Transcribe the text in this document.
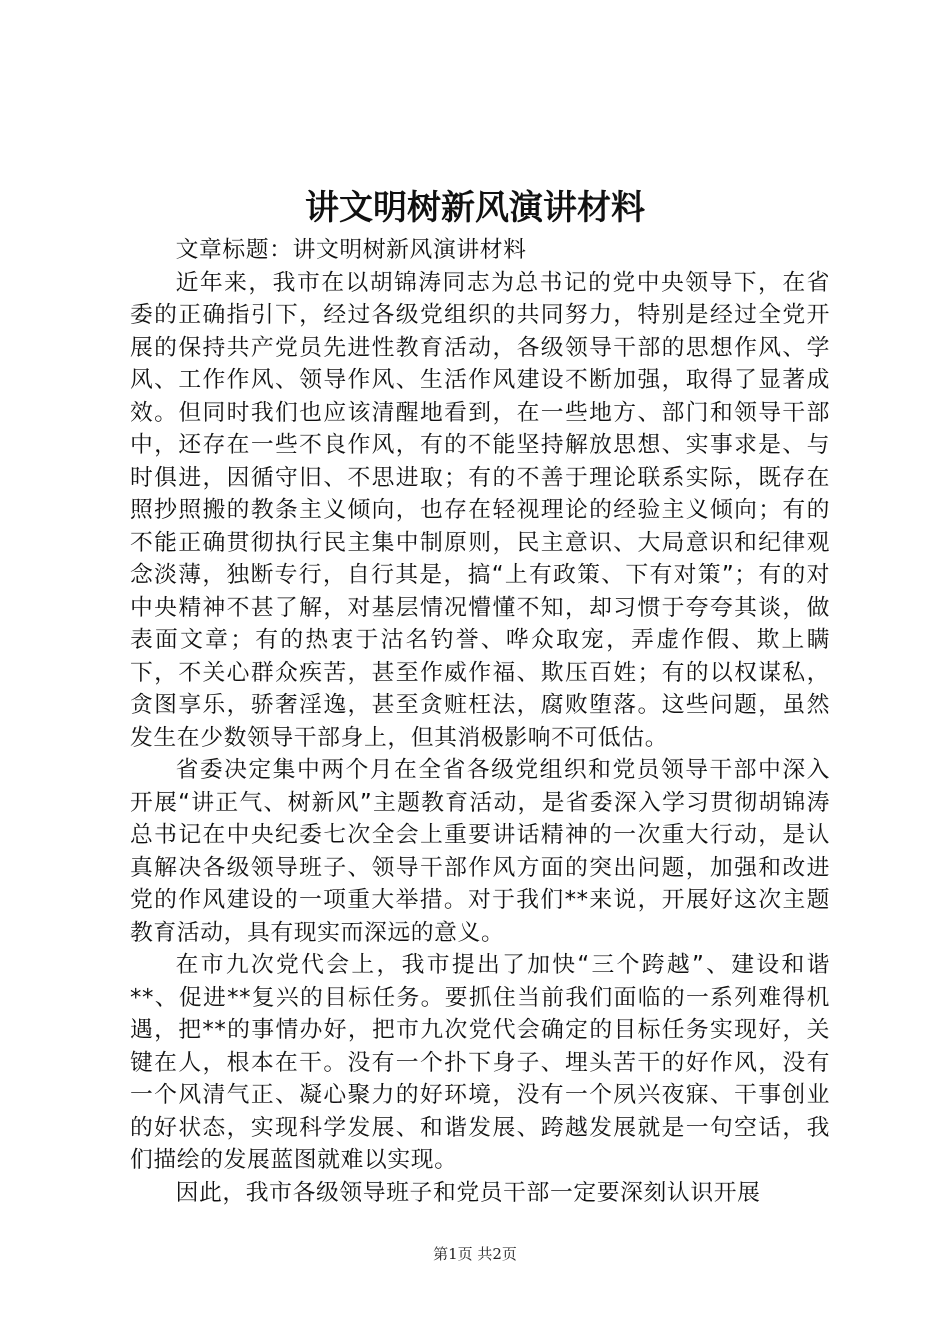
讲文明树新风演讲材料

文章标题：讲文明树新风演讲材料

近年来，我市在以胡锦涛同志为总书记的党中央领导下，在省委的正确指引下，经过各级党组织的共同努力，特别是经过全党开展的保持共产党员先进性教育活动，各级领导干部的思想作风、学风、工作作风、领导作风、生活作风建设不断加强，取得了显著成效。但同时我们也应该清醒地看到，在一些地方、部门和领导干部中，还存在一些不良作风，有的不能坚持解放思想、实事求是、与时俱进，因循守旧、不思进取；有的不善于理论联系实际，既存在照抄照搬的教条主义倾向，也存在轻视理论的经验主义倾向；有的不能正确贯彻执行民主集中制原则，民主意识、大局意识和纪律观念淡薄，独断专行，自行其是，搞“上有政策、下有对策”；有的对中央精神不甚了解，对基层情况懵懂不知，却习惯于夸夸其谈，做表面文章；有的热衷于沽名钓誉、哗众取宠，弄虚作假、欺上瞒下，不关心群众疾苦，甚至作威作福、欺压百姓；有的以权谋私，贪图享乐，骄奢淫逸，甚至贪赃枉法，腐败堕落。这些问题，虽然发生在少数领导干部身上，但其消极影响不可低估。

省委决定集中两个月在全省各级党组织和党员领导干部中深入开展“讲正气、树新风”主题教育活动，是省委深入学习贯彻胡锦涛总书记在中央纪委七次全会上重要讲话精神的一次重大行动，是认真解决各级领导班子、领导干部作风方面的突出问题，加强和改进党的作风建设的一项重大举措。对于我们**来说，开展好这次主题教育活动，具有现实而深远的意义。

在市九次党代会上，我市提出了加快“三个跨越”、建设和谐**、促进**复兴的目标任务。要抓住当前我们面临的一系列难得机遇，把**的事情办好，把市九次党代会确定的目标任务实现好，关键在人，根本在干。没有一个扑下身子、埋头苦干的好作风，没有一个风清气正、凝心聚力的好环境，没有一个夙兴夜寐、干事创业的好状态，实现科学发展、和谐发展、跨越发展就是一句空话，我们描绘的发展蓝图就难以实现。

因此，我市各级领导班子和党员干部一定要深刻认识开展

第1页 共2页
